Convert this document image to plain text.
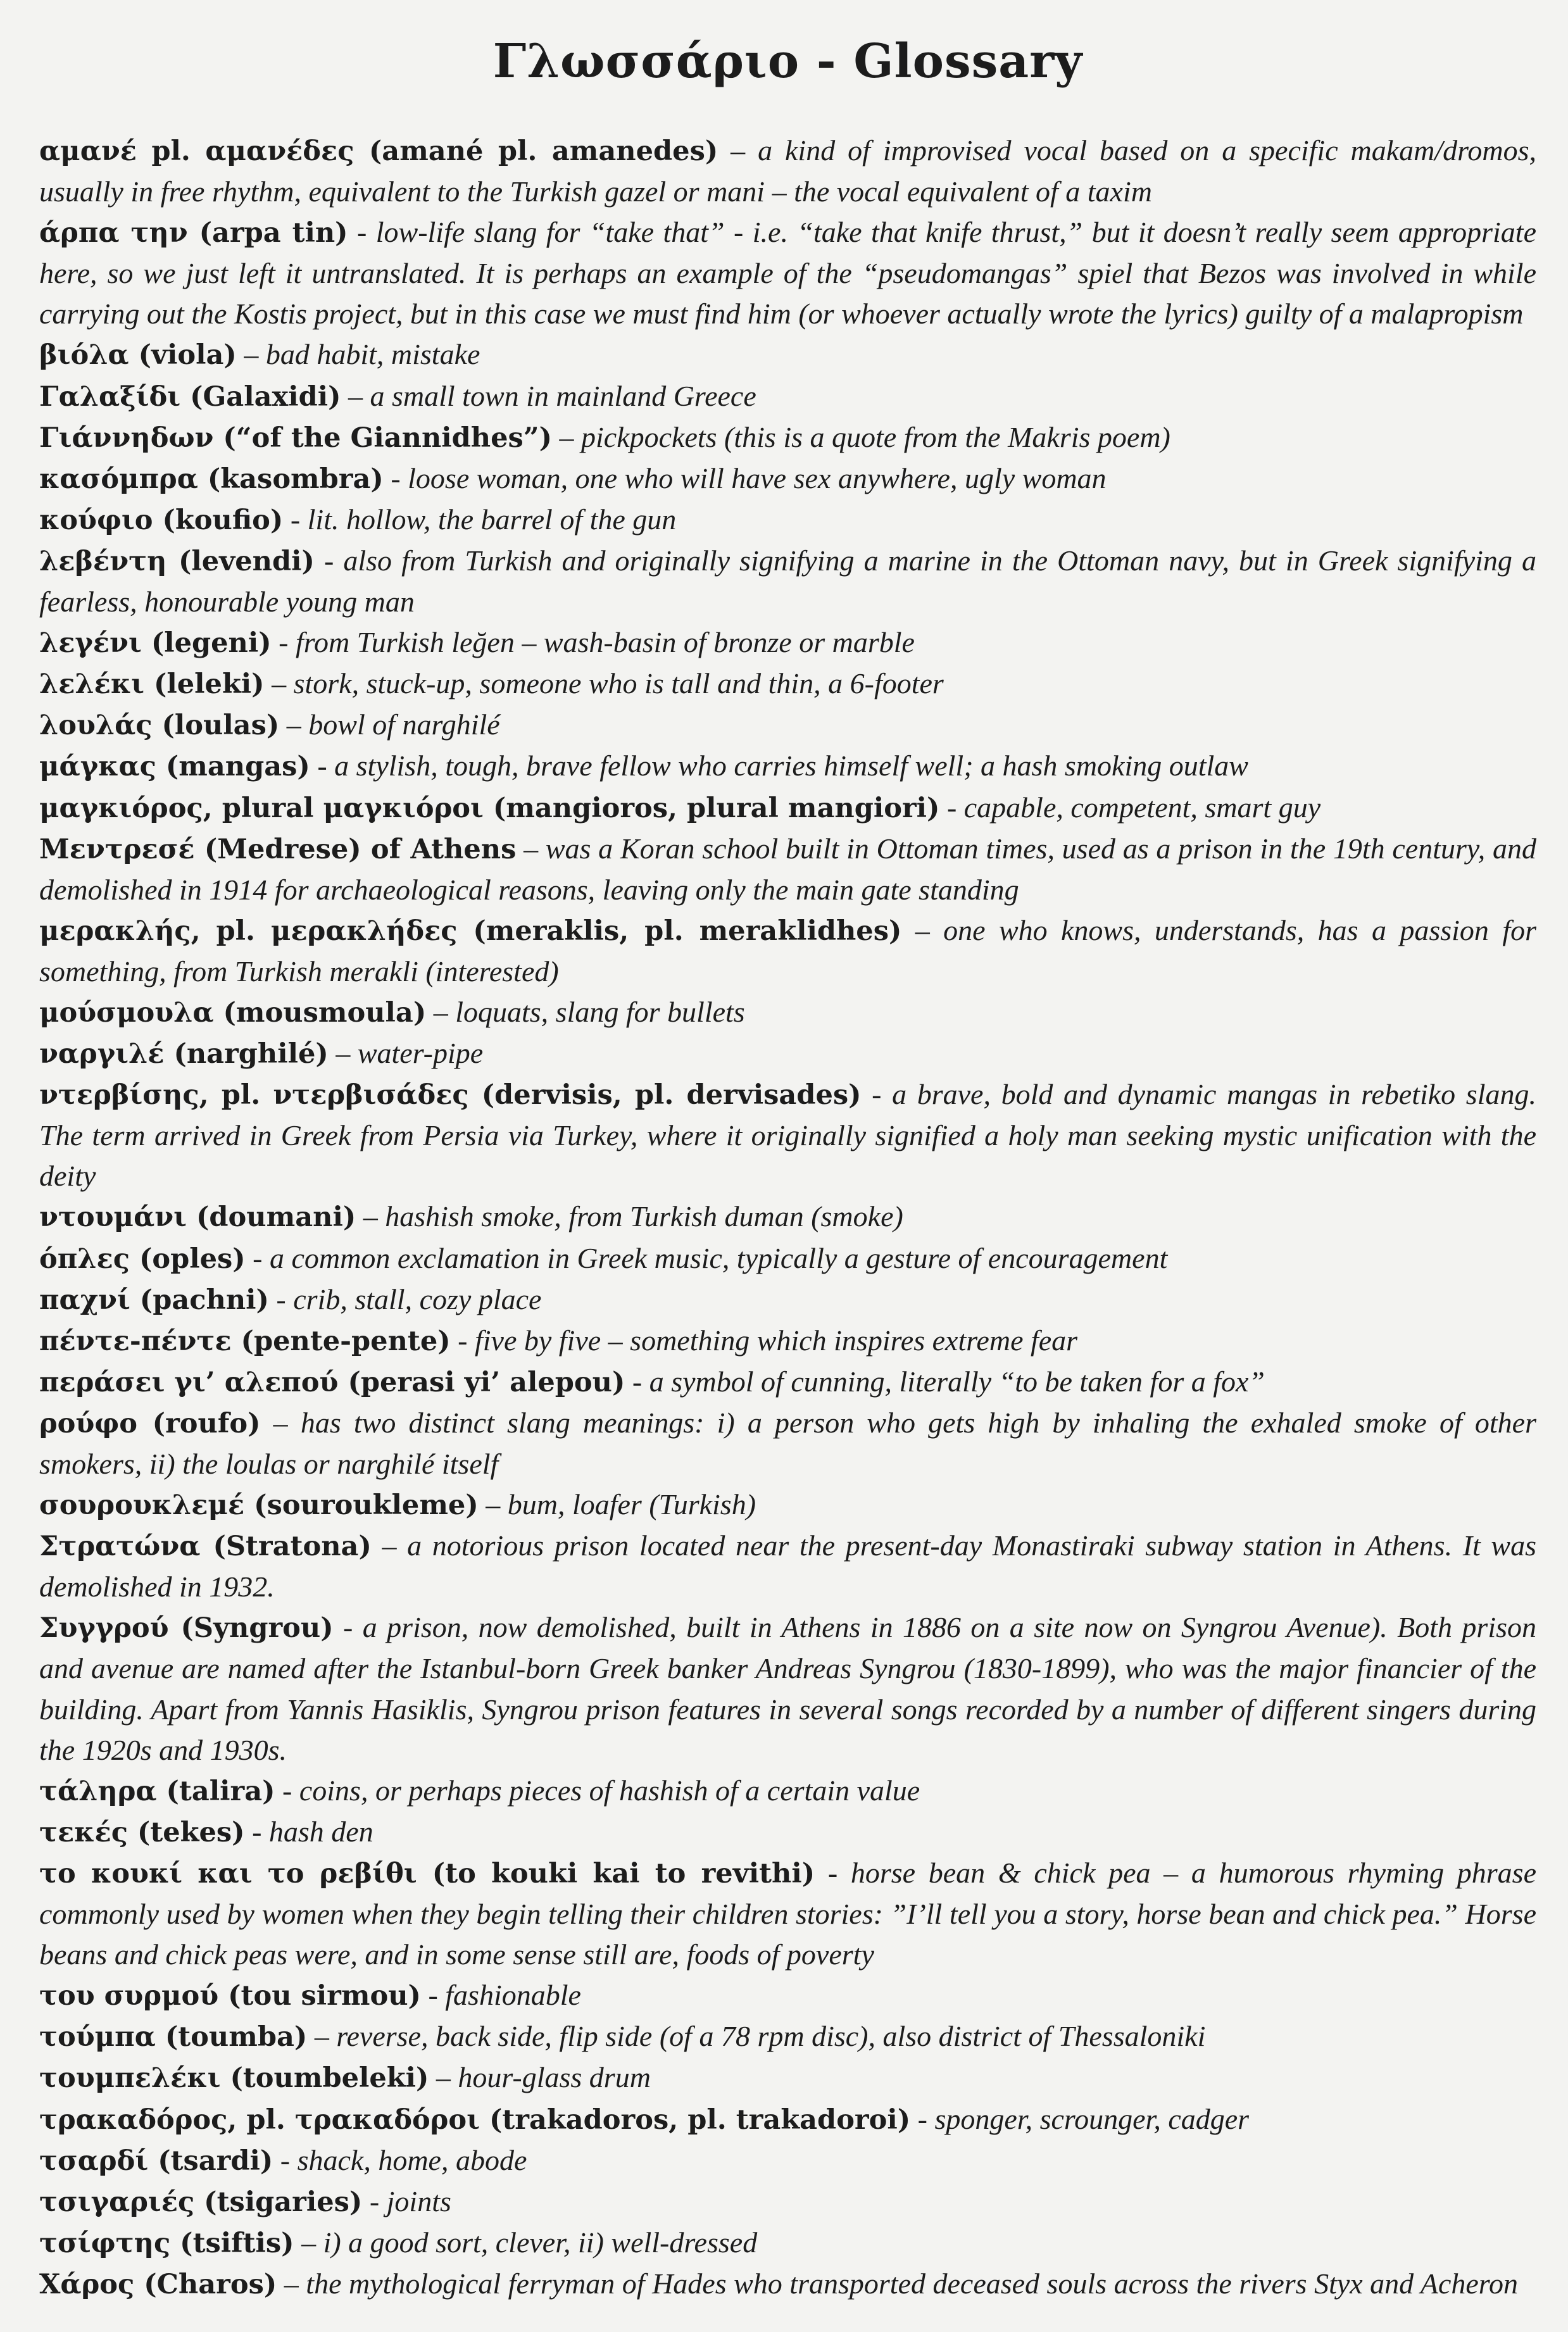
Γλωσσάριο - Glossary

αμανέ pl. αμανέδες (amané pl. amanedes) – a kind of improvised vocal based on a specific makam/dromos, usually in free rhythm, equivalent to the Turkish gazel or mani – the vocal equivalent of a taxim

άρπα την (arpa tin) - low-life slang for “take that” - i.e. “take that knife thrust,” but it doesn’t really seem appropriate here, so we just left it untranslated. It is perhaps an example of the “pseudomangas” spiel that Bezos was involved in while carrying out the Kostis project, but in this case we must find him (or whoever actually wrote the lyrics) guilty of a malapropism

βιόλα (viola) – bad habit, mistake

Γαλαξίδι (Galaxidi) – a small town in mainland Greece

Γιάννηδων (“of the Giannidhes”) – pickpockets (this is a quote from the Makris poem)

κασόμπρα (kasombra) - loose woman, one who will have sex anywhere, ugly woman

κούφιο (koufio) - lit. hollow, the barrel of the gun

λεβέντη (levendi) - also from Turkish and originally signifying a marine in the Ottoman navy, but in Greek signifying a fearless, honourable young man

λεγένι (legeni) - from Turkish leğen – wash-basin of bronze or marble

λελέκι (leleki) – stork, stuck-up, someone who is tall and thin, a 6-footer

λουλάς (loulas) – bowl of narghilé

μάγκας (mangas) - a stylish, tough, brave fellow who carries himself well; a hash smoking outlaw

μαγκιόρος, plural μαγκιόροι (mangioros, plural mangiori) - capable, competent, smart guy

Μεντρεσέ (Medrese) of Athens – was a Koran school built in Ottoman times, used as a prison in the 19th century, and demolished in 1914 for archaeological reasons, leaving only the main gate standing

μερακλής, pl. μερακλήδες (meraklis, pl. meraklidhes) – one who knows, understands, has a passion for something, from Turkish merakli (interested)

μούσμουλα (mousmoula) – loquats, slang for bullets

ναργιλέ (narghilé) – water-pipe

ντερβίσης, pl. ντερβισάδες (dervisis, pl. dervisades) - a brave, bold and dynamic mangas in rebetiko slang. The term arrived in Greek from Persia via Turkey, where it originally signified a holy man seeking mystic unification with the deity

ντουμάνι (doumani) – hashish smoke, from Turkish duman (smoke)

όπλες (oples) - a common exclamation in Greek music, typically a gesture of encouragement

παχνί (pachni) - crib, stall, cozy place

πέντε-πέντε (pente-pente) - five by five – something which inspires extreme fear

περάσει γι’ αλεπού (perasi yi’ alepou) - a symbol of cunning, literally “to be taken for a fox”

ρούφο (roufo) – has two distinct slang meanings: i) a person who gets high by inhaling the exhaled smoke of other smokers, ii) the loulas or narghilé itself

σουρουκλεμέ (souroukleme) – bum, loafer (Turkish)

Στρατώνα (Stratona) – a notorious prison located near the present-day Monastiraki subway station in Athens. It was demolished in 1932.

Συγγρού (Syngrou) - a prison, now demolished, built in Athens in 1886 on a site now on Syngrou Avenue). Both prison and avenue are named after the Istanbul-born Greek banker Andreas Syngrou (1830-1899), who was the major financier of the building. Apart from Yannis Hasiklis, Syngrou prison features in several songs recorded by a number of different singers during the 1920s and 1930s.

τάληρα (talira) - coins, or perhaps pieces of hashish of a certain value

τεκές (tekes) - hash den

το κουκί και το ρεβίθι (to kouki kai to revithi) - horse bean & chick pea – a humorous rhyming phrase commonly used by women when they begin telling their children stories: ”I’ll tell you a story, horse bean and chick pea.” Horse beans and chick peas were, and in some sense still are, foods of poverty

του συρμού (tou sirmou) - fashionable

τούμπα (toumba) – reverse, back side, flip side (of a 78 rpm disc), also district of Thessaloniki

τουμπελέκι (toumbeleki) – hour-glass drum

τρακαδόρος, pl. τρακαδόροι (trakadoros, pl. trakadoroi) - sponger, scrounger, cadger

τσαρδί (tsardi) - shack, home, abode

τσιγαριές (tsigaries) - joints

τσίφτης (tsiftis) – i) a good sort, clever, ii) well-dressed

Χάρος (Charos) – the mythological ferryman of Hades who transported deceased souls across the rivers Styx and Acheron
